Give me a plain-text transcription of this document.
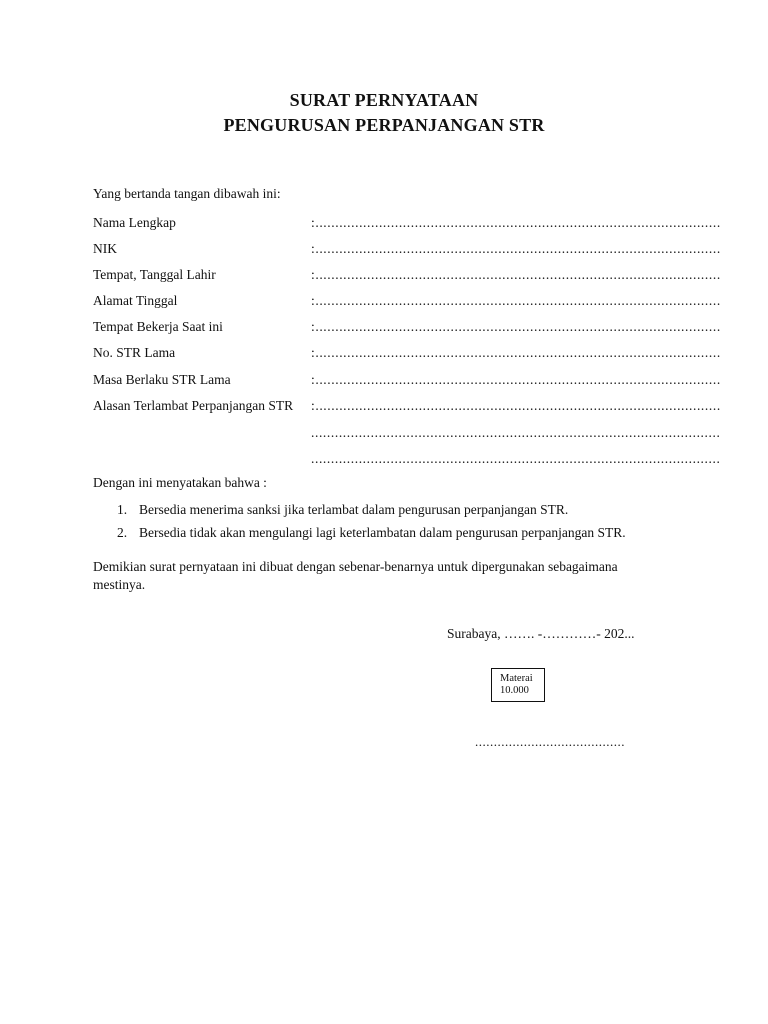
SURAT PERNYATAAN
PENGURUSAN PERPANJANGAN STR
Yang bertanda tangan dibawah ini:
Nama Lengkap	:......................................................................................................
NIK	:......................................................................................................
Tempat, Tanggal Lahir	:......................................................................................................
Alamat Tinggal	:......................................................................................................
Tempat Bekerja Saat ini	:......................................................................................................
No. STR Lama	:......................................................................................................
Masa Berlaku STR Lama	:......................................................................................................
Alasan Terlambat Perpanjangan STR :......................................................................................................
.......................................................................................................
.......................................................................................................
Dengan ini menyatakan bahwa :
1. Bersedia menerima sanksi jika terlambat dalam pengurusan perpanjangan STR.
2. Bersedia tidak akan mengulangi lagi keterlambatan dalam pengurusan perpanjangan STR.
Demikian surat pernyataan ini dibuat dengan sebenar-benarnya untuk dipergunakan sebagaimana mestinya.
Surabaya, ……. -…………- 202...
Materai
10.000
........................................
